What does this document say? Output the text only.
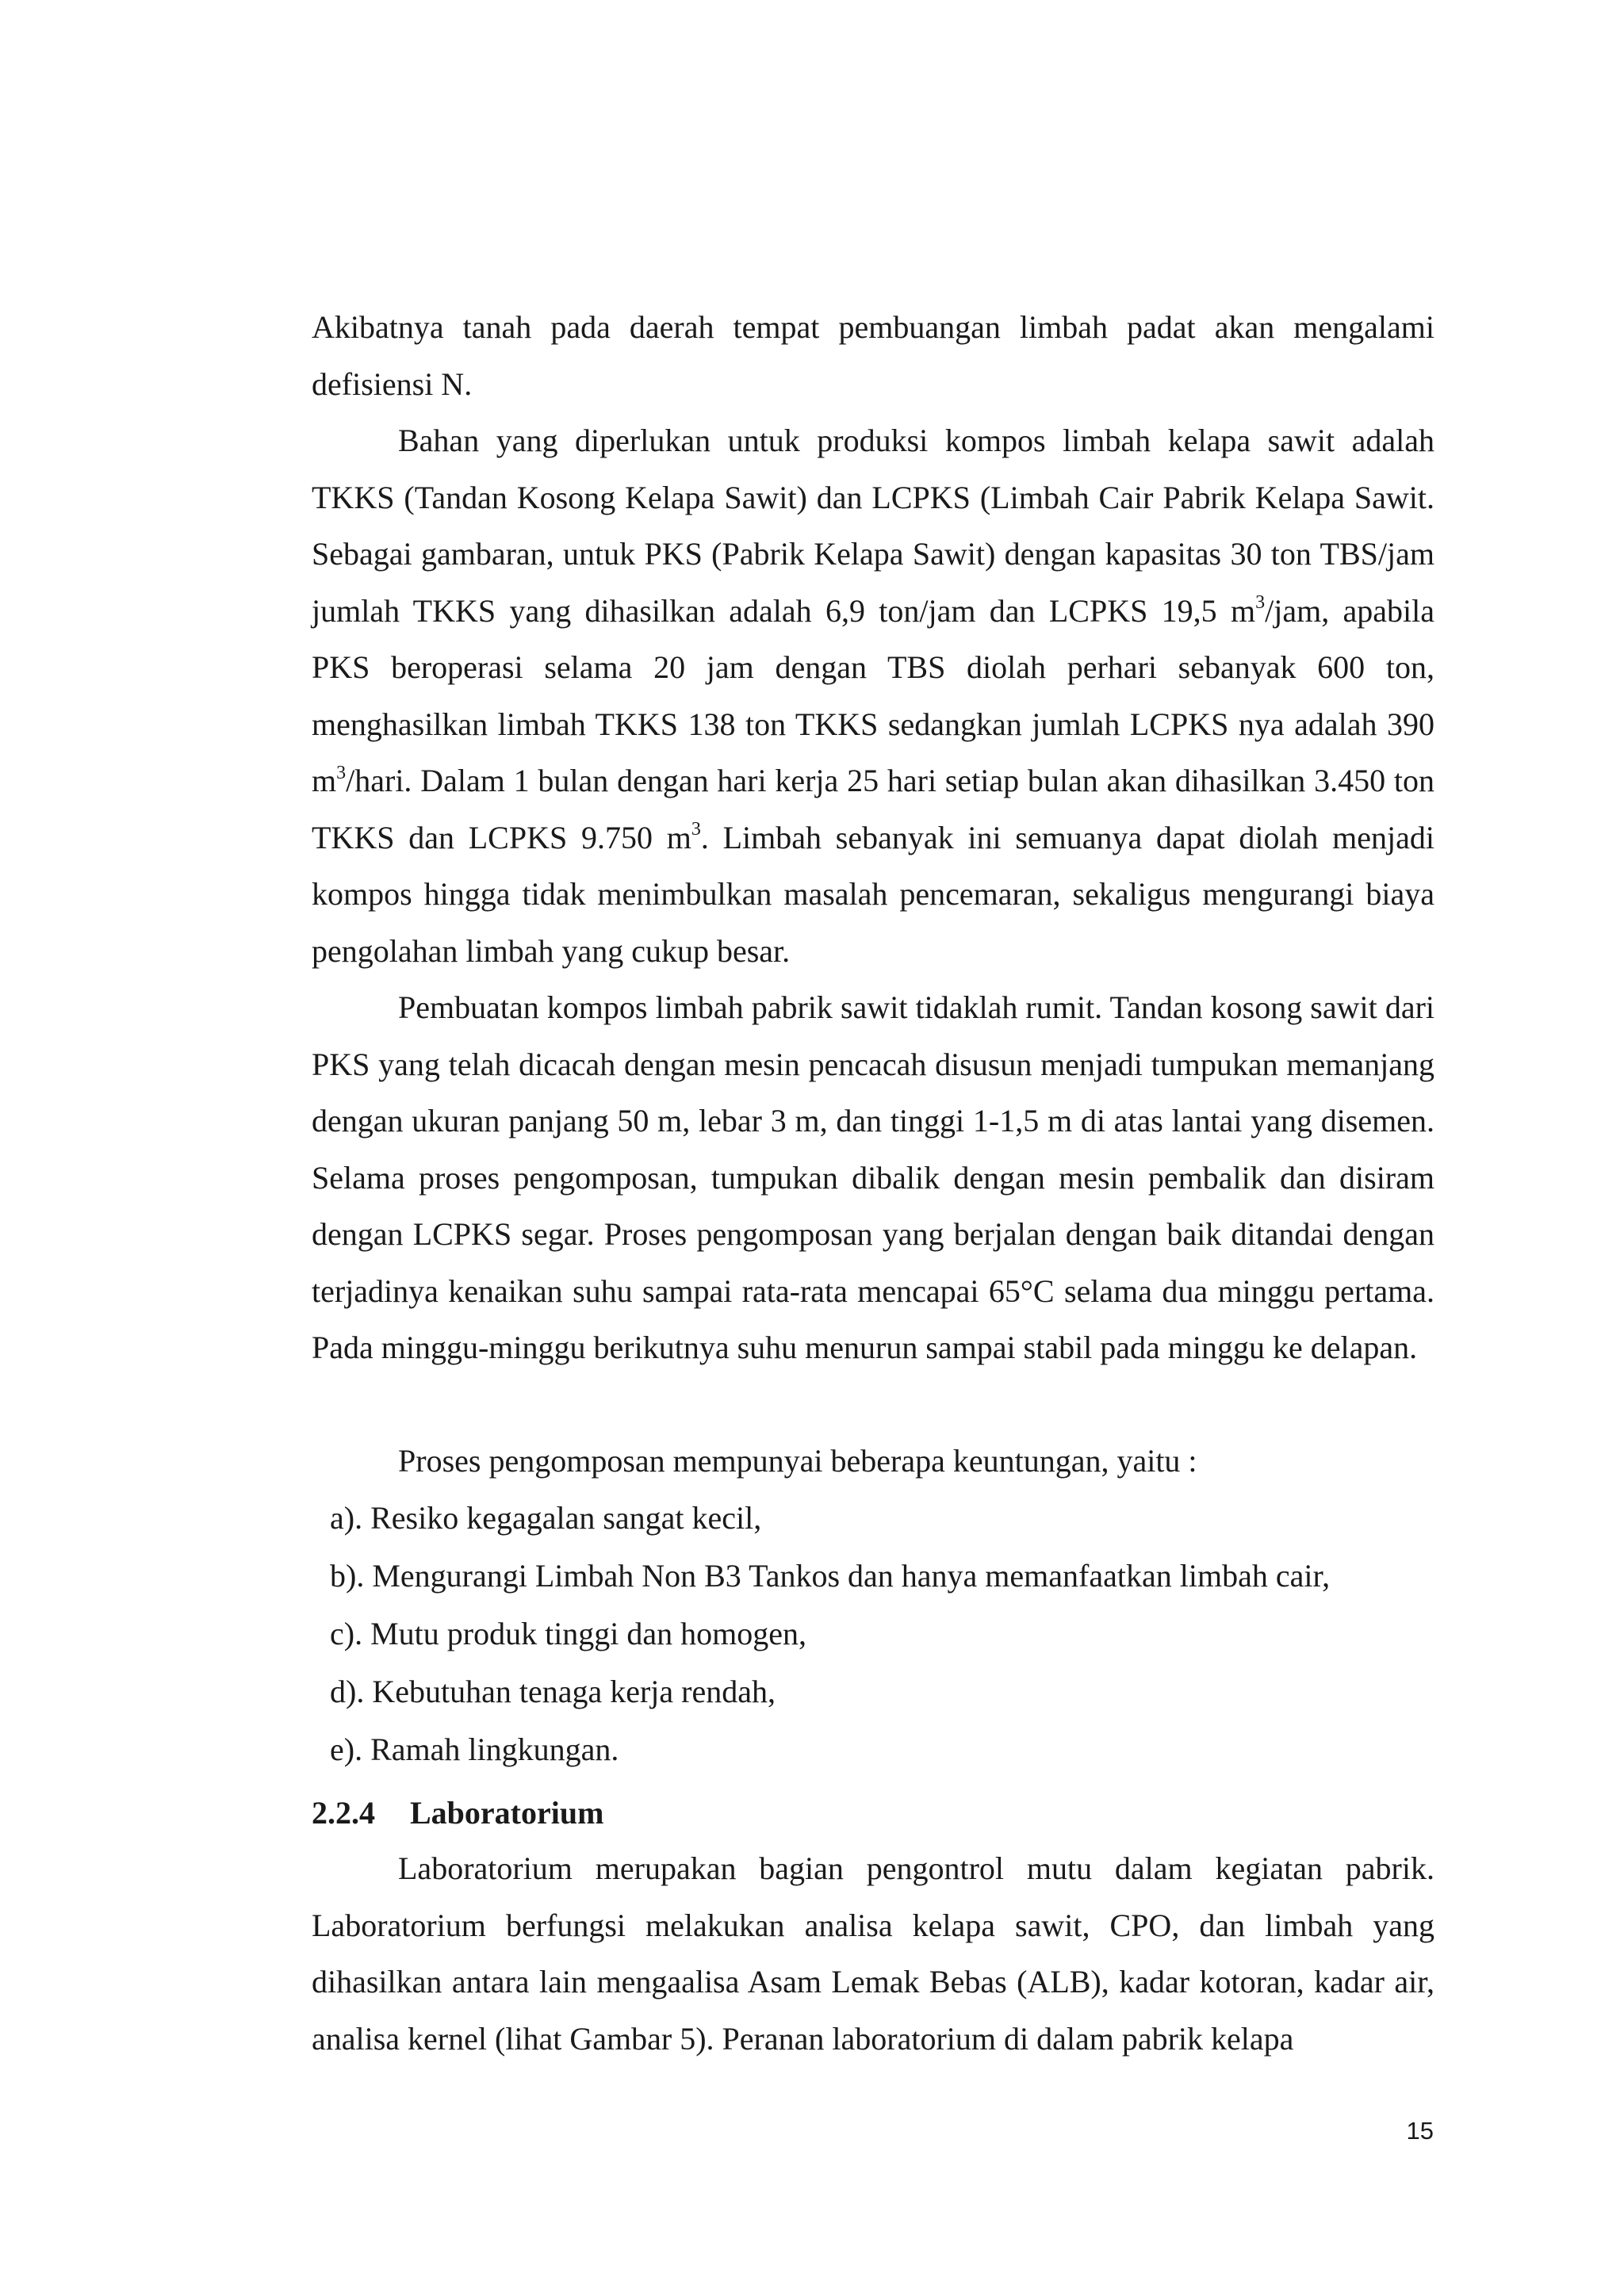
Akibatnya tanah pada daerah tempat pembuangan limbah padat akan mengalami defisiensi N.

Bahan yang diperlukan untuk produksi kompos limbah kelapa sawit adalah TKKS (Tandan Kosong Kelapa Sawit) dan LCPKS (Limbah Cair Pabrik Kelapa Sawit. Sebagai gambaran, untuk PKS (Pabrik Kelapa Sawit) dengan kapasitas 30 ton TBS/jam jumlah TKKS yang dihasilkan adalah 6,9 ton/jam dan LCPKS 19,5 $m^3$/jam, apabila PKS beroperasi selama 20 jam dengan TBS diolah perhari sebanyak 600 ton, menghasilkan limbah TKKS 138 ton TKKS sedangkan jumlah LCPKS nya adalah 390 $m^3$/hari. Dalam 1 bulan dengan hari kerja 25 hari setiap bulan akan dihasilkan 3.450 ton TKKS dan LCPKS 9.750 $m^3$. Limbah sebanyak ini semuanya dapat diolah menjadi kompos hingga tidak menimbulkan masalah pencemaran, sekaligus mengurangi biaya pengolahan limbah yang cukup besar.

Pembuatan kompos limbah pabrik sawit tidaklah rumit. Tandan kosong sawit dari PKS yang telah dicacah dengan mesin pencacah disusun menjadi tumpukan memanjang dengan ukuran panjang 50 m, lebar 3 m, dan tinggi 1-1,5 m di atas lantai yang disemen. Selama proses pengomposan, tumpukan dibalik dengan mesin pembalik dan disiram dengan LCPKS segar. Proses pengomposan yang berjalan dengan baik ditandai dengan terjadinya kenaikan suhu sampai rata-rata mencapai 65°C selama dua minggu pertama. Pada minggu-minggu berikutnya suhu menurun sampai stabil pada minggu ke delapan.

Proses pengomposan mempunyai beberapa keuntungan, yaitu :

a). Resiko kegagalan sangat kecil,
b). Mengurangi Limbah Non B3 Tankos dan hanya memanfaatkan limbah cair,
c). Mutu produk tinggi dan homogen,
d). Kebutuhan tenaga kerja rendah,
e). Ramah lingkungan.
2.2.4 Laboratorium

Laboratorium merupakan bagian pengontrol mutu dalam kegiatan pabrik. Laboratorium berfungsi melakukan analisa kelapa sawit, CPO, dan limbah yang dihasilkan antara lain mengaalisa Asam Lemak Bebas (ALB), kadar kotoran, kadar air, analisa kernel (lihat Gambar 5). Peranan laboratorium di dalam pabrik kelapa

15
